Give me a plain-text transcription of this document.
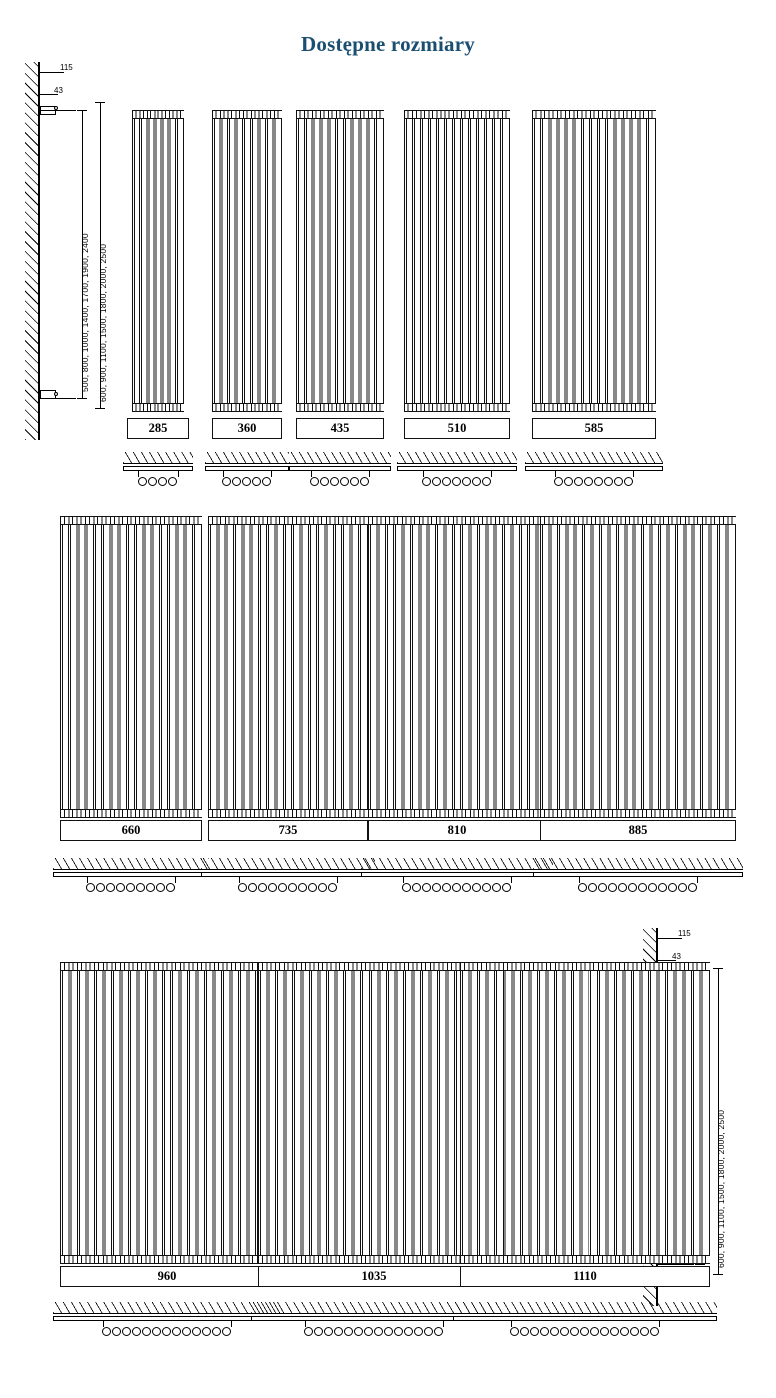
Dostępne rozmiary
115
43
500, 800, 1000, 1400, 1700, 1900, 2400 600, 900, 1100, 1500, 1800, 2000, 2500
115
43
600, 900, 1100, 1500, 1800, 2000, 2500
285	360	435	510	585
660	735	810	885
960	1035	1110
